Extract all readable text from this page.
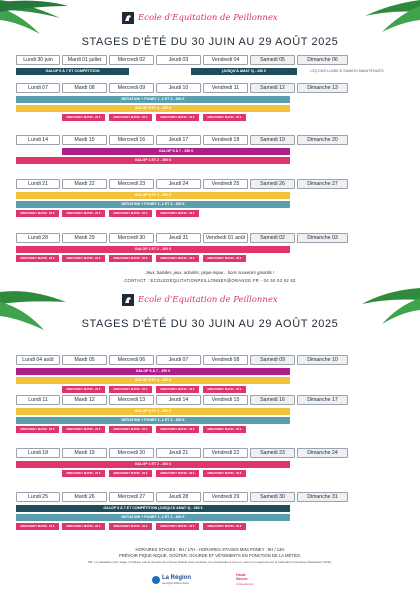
Ecole d'Equitation de Peillonnex
STAGES D'ÉTÉ DU 30 JUIN AU 29 AOÛT 2025
Ecole d'Equitation de Peillonnex
STAGES D'ÉTÉ DU 30 JUIN AU 29 AOÛT 2025
Lundi 30 juin	Mardi 01 juillet	Mercredi 02	Jeudi 03	Vendredi 04	Samedi 05	Dimanche 06
GALOP 5 À 7 ET COMPÉTITION	(JUSQU'À AMAT 3) - 280 €	LEÇONS LUNDI À SAMEDI MAINTENUES
Lundi 07	Mardi 08	Mercredi 09	Jeudi 10	Vendredi 11	Samedi 12	Dimanche 13
INITIATION + PONEY 1, 2 ET 3 - 300 €
GALOP 3 ET 4 - 300 €
MINI-PONEY MATIN - 35 €	MINI-PONEY MATIN - 35 €	MINI-PONEY MATIN - 35 €	MINI-PONEY MATIN - 35 €
Lundi 14	Mardi 15	Mercredi 16	Jeudi 17	Vendredi 18	Samedi 19	Dimanche 20
GALOP 5 À 7 - 250 €
GALOP 1 ET 2 - 300 €
Lundi 21	Mardi 22	Mercredi 23	Jeudi 24	Vendredi 25	Samedi 26	Dimanche 27
GALOP 3 ET 4 - 300 €
INITIATION + PONEY 1, 2 ET 3 - 300 €
MINI-PONEY MATIN - 35 €	MINI-PONEY MATIN - 35 €	MINI-PONEY MATIN - 35 €	MINI-PONEY MATIN - 35 €
Lundi 28	Mardi 29	Mercredi 30	Jeudi 31	Vendredi 01 août	Samedi 02	Dimanche 03
GALOP 1 ET 2 - 300 €
MINI-PONEY MATIN - 35 €	MINI-PONEY MATIN - 35 €	MINI-PONEY MATIN - 35 €	MINI-PONEY MATIN - 35 €	MINI-PONEY MATIN - 35 €
Lundi 04 août	Mardi 05	Mercredi 06	Jeudi 07	Vendredi 08	Samedi 09	Dimanche 10
GALOP 5 À 7 - 250 €
GALOP 3 ET 4 - 300 €
MINI-PONEY MATIN - 35 €	MINI-PONEY MATIN - 35 €	MINI-PONEY MATIN - 35 €	MINI-PONEY MATIN - 35 €
Lundi 11	Mardi 12	Mercredi 13	Jeudi 14	Vendredi 15	Samedi 16	Dimanche 17
GALOP 3 ET 4 - 300 €
INITIATION + PONEY 1, 2 ET 3 - 300 €
MINI-PONEY MATIN - 35 €	MINI-PONEY MATIN - 35 €	MINI-PONEY MATIN - 35 €	MINI-PONEY MATIN - 35 €	MINI-PONEY MATIN - 35 €
Lundi 18	Mardi 19	Mercredi 20	Jeudi 21	Vendredi 22	Samedi 23	Dimanche 24
GALOP 1 ET 2 - 300 €
MINI-PONEY MATIN - 35 €	MINI-PONEY MATIN - 35 €	MINI-PONEY MATIN - 35 €	MINI-PONEY MATIN - 35 €
Lundi 25	Mardi 26	Mercredi 27	Jeudi 28	Vendredi 29	Samedi 30	Dimanche 31
GALOP 5 À 7 ET COMPÉTITION (JUSQU'À AMAT 3) - 350 €
INITIATION + PONEY 1, 2 ET 3 - 300 €
MINI-PONEY MATIN - 35 €	MINI-PONEY MATIN - 35 €	MINI-PONEY MATIN - 35 €	MINI-PONEY MATIN - 35 €	MINI-PONEY MATIN - 35 €
Jeux, balades, jeux, activités, pique-nique... bons souvenirs garantis !
CONTACT : ECOLEDEQUITATIONPEILLONNEX@ORANGE.FR - 04 50 03 62 62
HORAIRES STAGES : 9H / 17H - HORAIRES STAGES MINI PONEY : 9H / 12H
PRÉVOIR PIQUE-NIQUE, GOÛTER, GOURDE ET VÊTEMENTS EN FONCTION DE LA MÉTÉO.
NB : La réalisation d'un stage n'implique pas la réussite d'un brevet fédéral mais constitue une préparation à ceux-ci, selon le programme de la Fédération Française d'Equitation (FFE).
La Région
Auvergne-Rhône-Alpes
Haute Savoie
le Département
